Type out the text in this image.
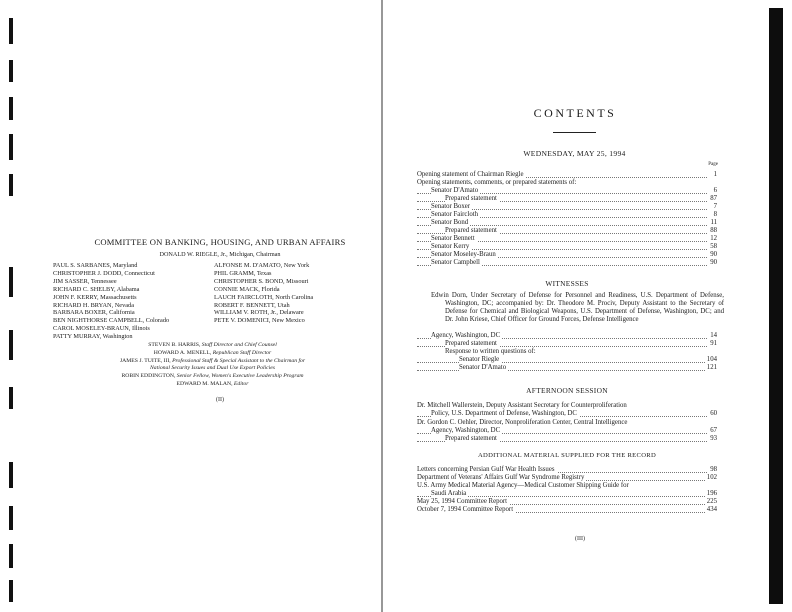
COMMITTEE ON BANKING, HOUSING, AND URBAN AFFAIRS
DONALD W. RIEGLE, Jr., Michigan, Chairman
PAUL S. SARBANES, Maryland
CHRISTOPHER J. DODD, Connecticut
JIM SASSER, Tennessee
RICHARD C. SHELBY, Alabama
JOHN F. KERRY, Massachusetts
RICHARD H. BRYAN, Nevada
BARBARA BOXER, California
BEN NIGHTHORSE CAMPBELL, Colorado
CAROL MOSELEY-BRAUN, Illinois
PATTY MURRAY, Washington
ALFONSE M. D'AMATO, New York
PHIL GRAMM, Texas
CHRISTOPHER S. BOND, Missouri
CONNIE MACK, Florida
LAUCH FAIRCLOTH, North Carolina
ROBERT F. BENNETT, Utah
WILLIAM V. ROTH, Jr., Delaware
PETE V. DOMENICI, New Mexico
STEVEN B. HARRIS, Staff Director and Chief Counsel
HOWARD A. MENELL, Republican Staff Director
JAMES J. TUITE, III, Professional Staff & Special Assistant to the Chairman for
National Security Issues and Dual Use Export Policies
ROBIN EDDINGTON, Senior Fellow, Women's Executive Leadership Program
EDWARD M. MALAN, Editor
(II)
CONTENTS
WEDNESDAY, MAY 25, 1994
Page
Opening statement of Chairman Riegle	1
Opening statements, comments, or prepared statements of:
Senator D'Amato	6
Prepared statement	87
Senator Boxer	7
Senator Faircloth	8
Senator Bond	11
Prepared statement	88
Senator Bennett	12
Senator Kerry	58
Senator Moseley-Braun	90
Senator Campbell	90
WITNESSES
Edwin Dorn, Under Secretary of Defense for Personnel and Readiness, U.S. Department of Defense, Washington, DC; accompanied by: Dr. Theodore M. Prociv, Deputy Assistant to the Secretary of Defense for Chemical and Biological Weapons, U.S. Department of Defense, Washington, DC; and Dr. John Kriese, Chief Officer for Ground Forces, Defense Intelligence
Agency, Washington, DC	14
Prepared statement	91
Response to written questions of:
Senator Riegle	104
Senator D'Amato	121
AFTERNOON SESSION
Dr. Mitchell Wallerstein, Deputy Assistant Secretary for Counterproliferation
Policy, U.S. Department of Defense, Washington, DC	60
Dr. Gordon C. Oehler, Director, Nonproliferation Center, Central Intelligence
Agency, Washington, DC	67
Prepared statement	93
ADDITIONAL MATERIAL SUPPLIED FOR THE RECORD
Letters concerning Persian Gulf War Health Issues	98
Department of Veterans' Affairs Gulf War Syndrome Registry	102
U.S. Army Medical Material Agency—Medical Customer Shipping Guide for
Saudi Arabia	196
May 25, 1994 Committee Report	225
October 7, 1994 Committee Report	434
(III)
